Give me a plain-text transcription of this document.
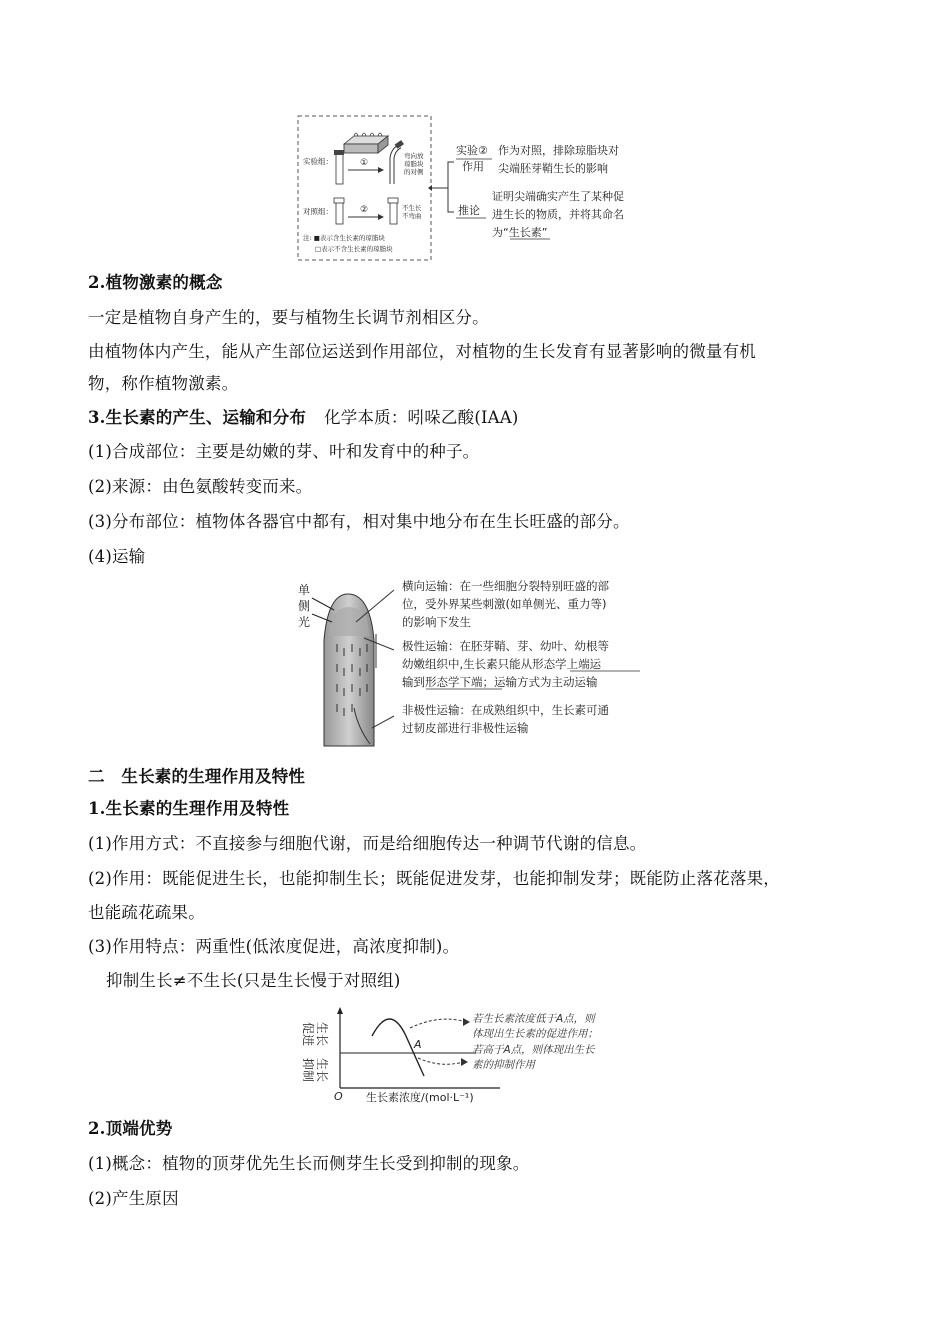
实验组：
对照组：
①
弯向放
琼脂块
的对侧
②	不生长
不弯曲
注: ■表示含生长素的琼脂块
□表示不含生长素的琼脂块
实验②
作用
作为对照，排除琼脂块对
尖端胚芽鞘生长的影响
推论
证明尖端确实产生了某种促
进生长的物质，并将其命名
为“生长素”
2.植物激素的概念
一定是植物自身产生的，要与植物生长调节剂相区分。
由植物体内产生，能从产生部位运送到作用部位，对植物的生长发育有显著影响的微量有机
物，称作植物激素。
3.生长素的产生、运输和分布 化学本质：吲哚乙酸(IAA)
(1)合成部位：主要是幼嫩的芽、叶和发育中的种子。
(2)来源：由色氨酸转变而来。
(3)分布部位：植物体各器官中都有，相对集中地分布在生长旺盛的部分。
(4)运输
单
侧
光
横向运输：在一些细胞分裂特别旺盛的部
位，受外界某些刺激(如单侧光、重力等)
的影响下发生
极性运输：在胚芽鞘、芽、幼叶、幼根等
幼嫩组织中,生长素只能从形态学上端运
输到形态学下端；运输方式为主动运输
非极性运输：在成熟组织中，生长素可通
过韧皮部进行非极性运输
二　生长素的生理作用及特性
1.生长素的生理作用及特性
(1)作用方式：不直接参与细胞代谢，而是给细胞传达一种调节代谢的信息。
(2)作用：既能促进生长，也能抑制生长；既能促进发芽，也能抑制发芽；既能防止落花落果，
也能疏花疏果。
(3)作用特点：两重性(低浓度促进，高浓度抑制)。
抑制生长≠不生长(只是生长慢于对照组)
促进 生长
抑制 生长
O
A
生长素浓度/(mol·L⁻¹)
若生长素浓度低于A点，则
体现出生长素的促进作用；
若高于A点，则体现出生长
素的抑制作用
2.顶端优势
(1)概念：植物的顶芽优先生长而侧芽生长受到抑制的现象。
(2)产生原因
